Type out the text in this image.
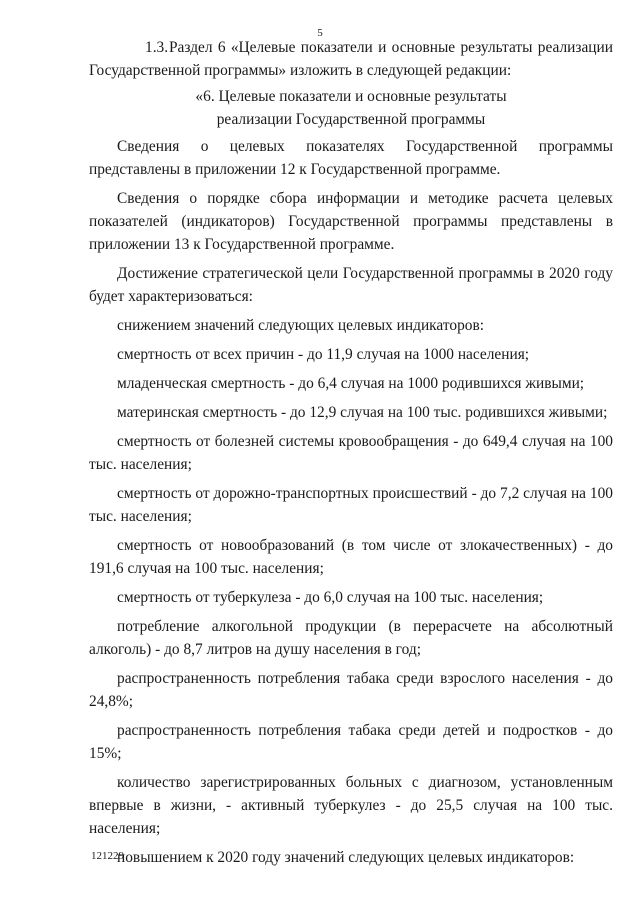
5

1.3.Раздел 6 «Целевые показатели и основные результаты реализации Государственной программы» изложить в следующей редакции:

«6. Целевые показатели и основные результаты
реализации Государственной программы

Сведения о целевых показателях Государственной программы представлены в приложении 12 к Государственной программе.

Сведения о порядке сбора информации и методике расчета целевых показателей (индикаторов) Государственной программы представлены в приложении 13 к Государственной программе.

Достижение стратегической цели Государственной программы в 2020 году будет характеризоваться:

снижением значений следующих целевых индикаторов:

смертность от всех причин - до 11,9 случая на 1000 населения;

младенческая смертность - до 6,4 случая на 1000 родившихся живыми;

материнская смертность - до 12,9 случая на 100 тыс. родившихся живыми;

смертность от болезней системы кровообращения - до 649,4 случая на 100 тыс. населения;

смертность от дорожно-транспортных происшествий - до 7,2 случая на 100 тыс. населения;

смертность от новообразований (в том числе от злокачественных) - до 191,6 случая на 100 тыс. населения;

смертность от туберкулеза - до 6,0 случая на 100 тыс. населения;

потребление алкогольной продукции (в перерасчете на абсолютный алкоголь) - до 8,7 литров на душу населения в год;

распространенность потребления табака среди взрослого населения - до 24,8%;

распространенность потребления табака среди детей и подростков - до 15%;

количество зарегистрированных больных с диагнозом, установленным впервые в жизни, - активный туберкулез - до 25,5 случая на 100 тыс. населения;

повышением к 2020 году значений следующих целевых индикаторов:

121229
